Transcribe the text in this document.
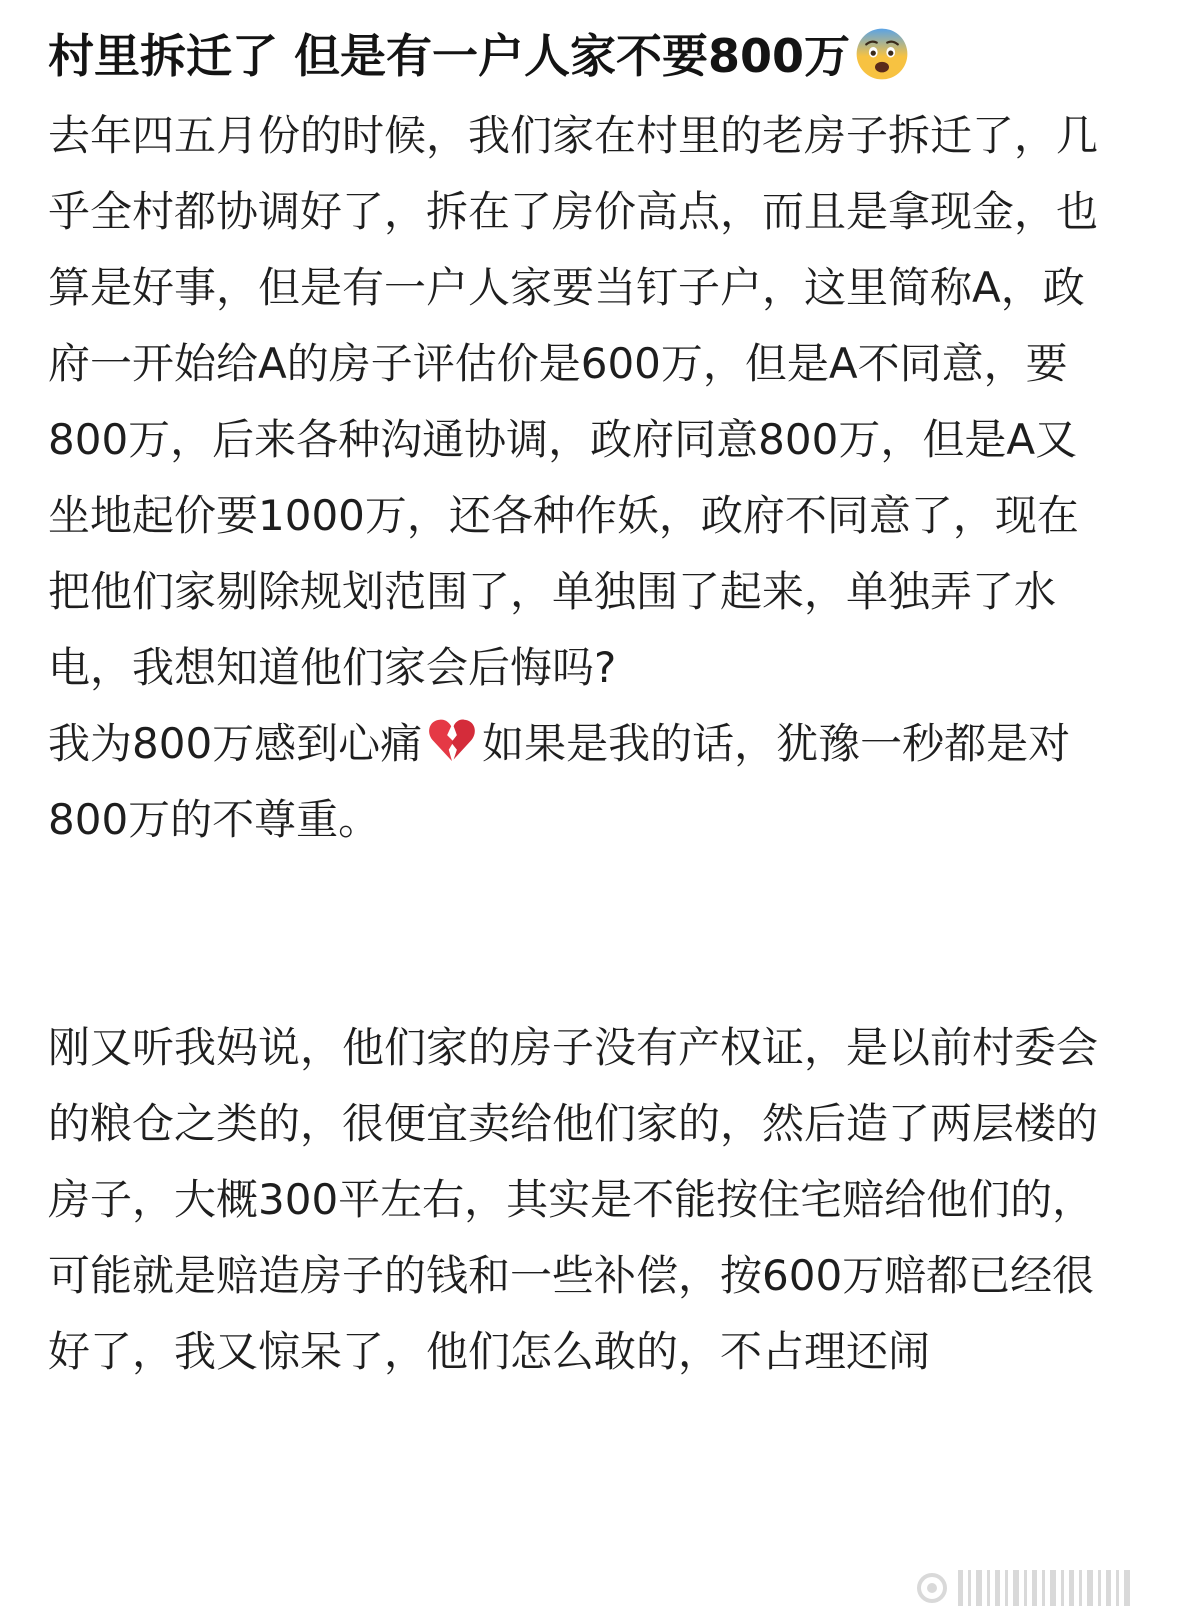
村里拆迁了 但是有一户人家不要800万

去年四五月份的时候，我们家在村里的老房子拆迁了，几乎全村都协调好了，拆在了房价高点，而且是拿现金，也算是好事，但是有一户人家要当钉子户，这里简称A，政府一开始给A的房子评估价是600万，但是A不同意，要800万，后来各种沟通协调，政府同意800万，但是A又坐地起价要1000万，还各种作妖，政府不同意了，现在把他们家剔除规划范围了，单独围了起来，单独弄了水电，我想知道他们家会后悔吗?

我为800万感到心痛 如果是我的话，犹豫一秒都是对800万的不尊重。

刚又听我妈说，他们家的房子没有产权证，是以前村委会的粮仓之类的，很便宜卖给他们家的，然后造了两层楼的房子，大概300平左右，其实是不能按住宅赔给他们的，可能就是赔造房子的钱和一些补偿，按600万赔都已经很好了，我又惊呆了，他们怎么敢的，不占理还闹
